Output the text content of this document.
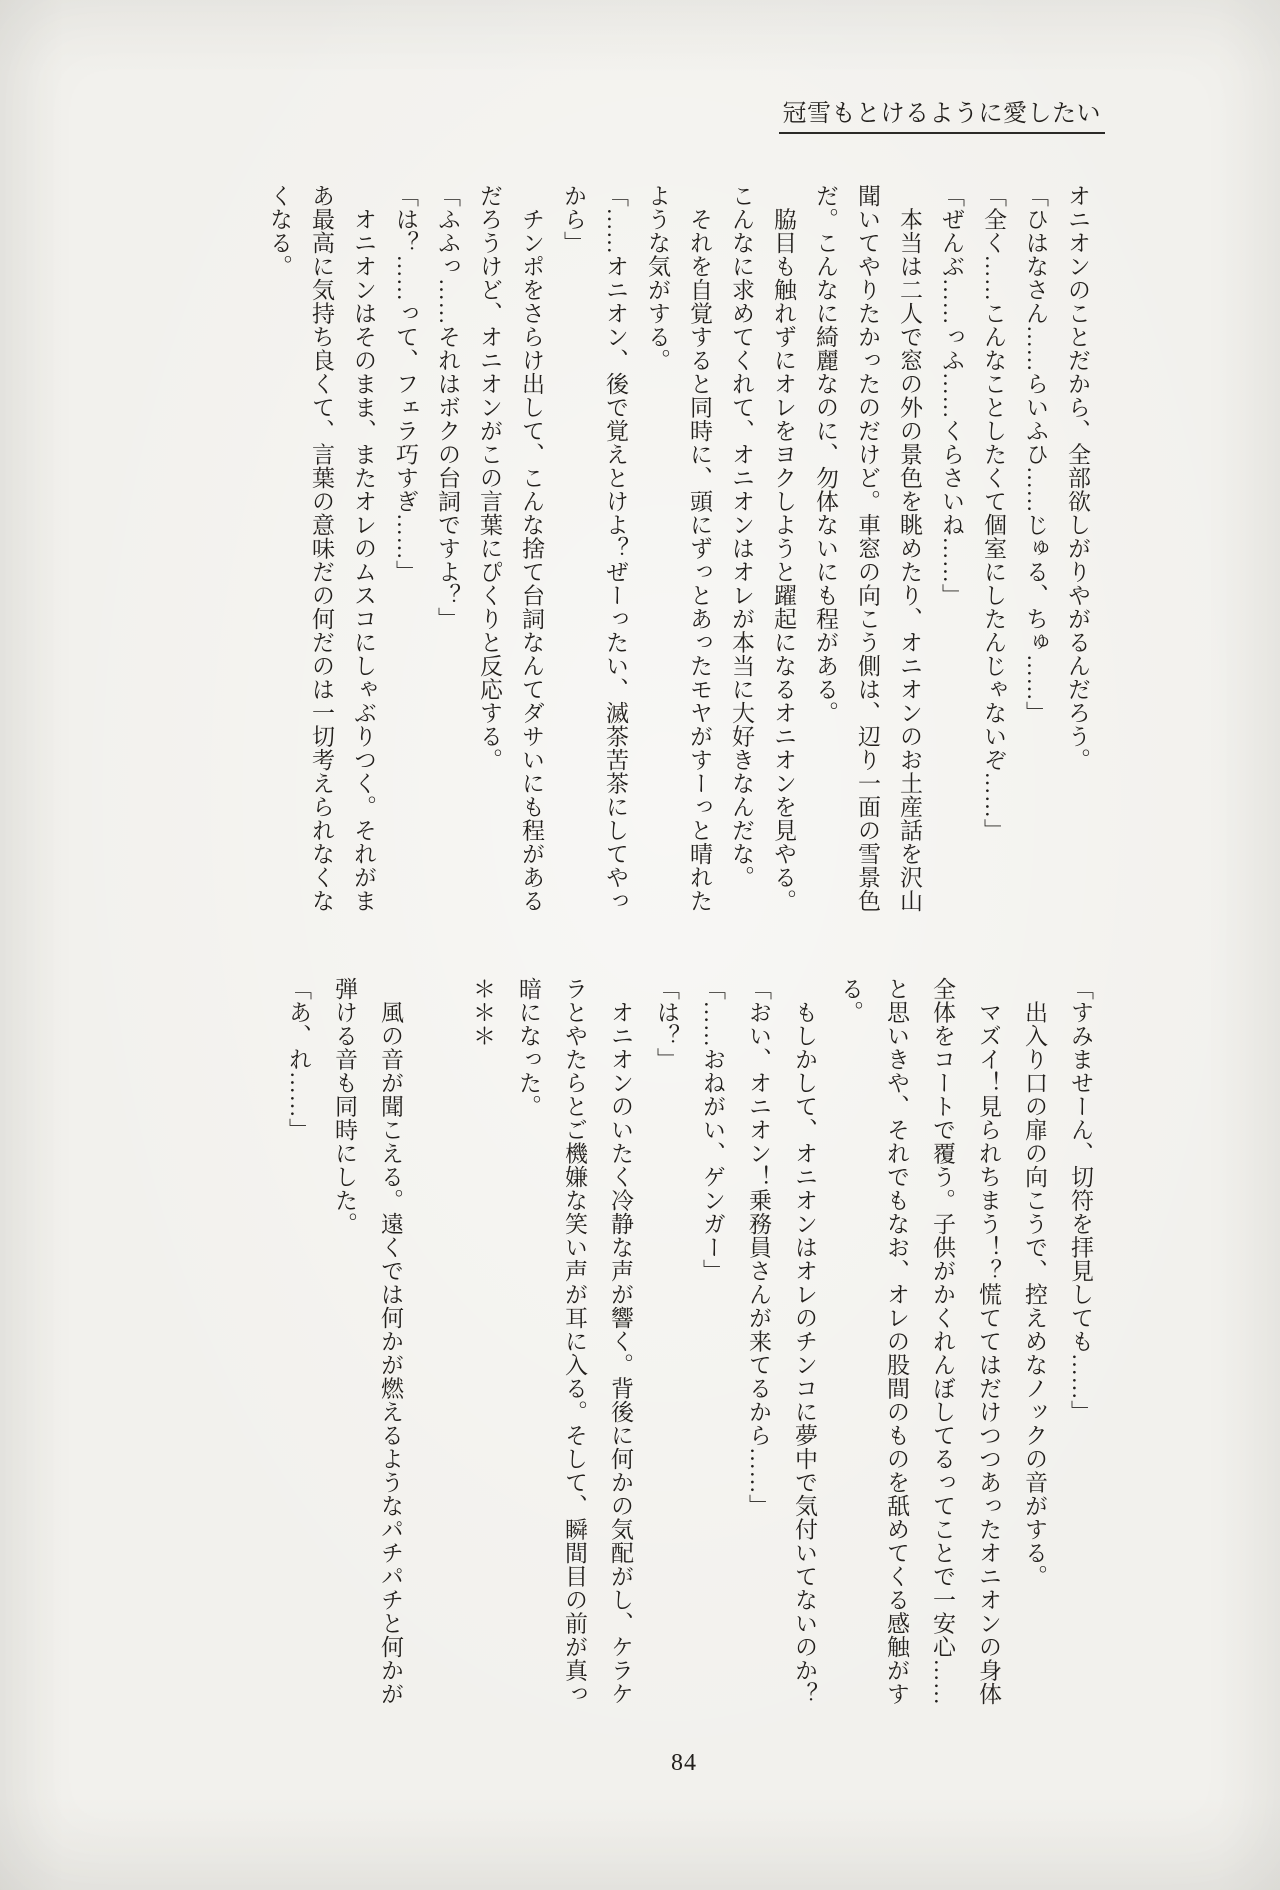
冠雪もとけるように愛したい
オニオンのことだから、全部欲しがりやがるんだろう。
「ひはなさん……らいふひ……じゅる、ちゅ……」
「全く……こんなことしたくて個室にしたんじゃないぞ……」
「ぜんぶ……っふ……くらさいね……」
　本当は二人で窓の外の景色を眺めたり、オニオンのお土産話を沢山
聞いてやりたかったのだけど。車窓の向こう側は、辺り一面の雪景色
だ。こんなに綺麗なのに、勿体ないにも程がある。
　脇目も触れずにオレをヨクしようと躍起になるオニオンを見やる。
こんなに求めてくれて、オニオンはオレが本当に大好きなんだな。
　それを自覚すると同時に、頭にずっとあったモヤがすーっと晴れた
ような気がする。
「……オニオン、後で覚えとけよ？ぜーったい、滅茶苦茶にしてやっ
から」
　チンポをさらけ出して、こんな捨て台詞なんてダサいにも程がある
だろうけど、オニオンがこの言葉にぴくりと反応する。
「ふふっ……それはボクの台詞ですよ？」
「は？……って、フェラ巧すぎ……」
　オニオンはそのまま、またオレのムスコにしゃぶりつく。それがま
あ最高に気持ち良くて、言葉の意味だの何だのは一切考えられなくな
くなる。
「すみませーん、切符を拝見しても……」
　出入り口の扉の向こうで、控えめなノックの音がする。
　マズイ！見られちまう！？慌ててはだけつつあったオニオンの身体
全体をコートで覆う。子供がかくれんぼしてるってことで一安心……
と思いきや、それでもなお、オレの股間のものを舐めてくる感触がす
る。
　もしかして、オニオンはオレのチンコに夢中で気付いてないのか？
「おい、オニオン！乗務員さんが来てるから……」
「……おねがい、ゲンガー」
「は？」
　オニオンのいたく冷静な声が響く。背後に何かの気配がし、ケラケ
ラとやたらとご機嫌な笑い声が耳に入る。そして、瞬間目の前が真っ
暗になった。
＊＊＊

　風の音が聞こえる。遠くでは何かが燃えるようなパチパチと何かが
弾ける音も同時にした。
「あ、れ……」
84
